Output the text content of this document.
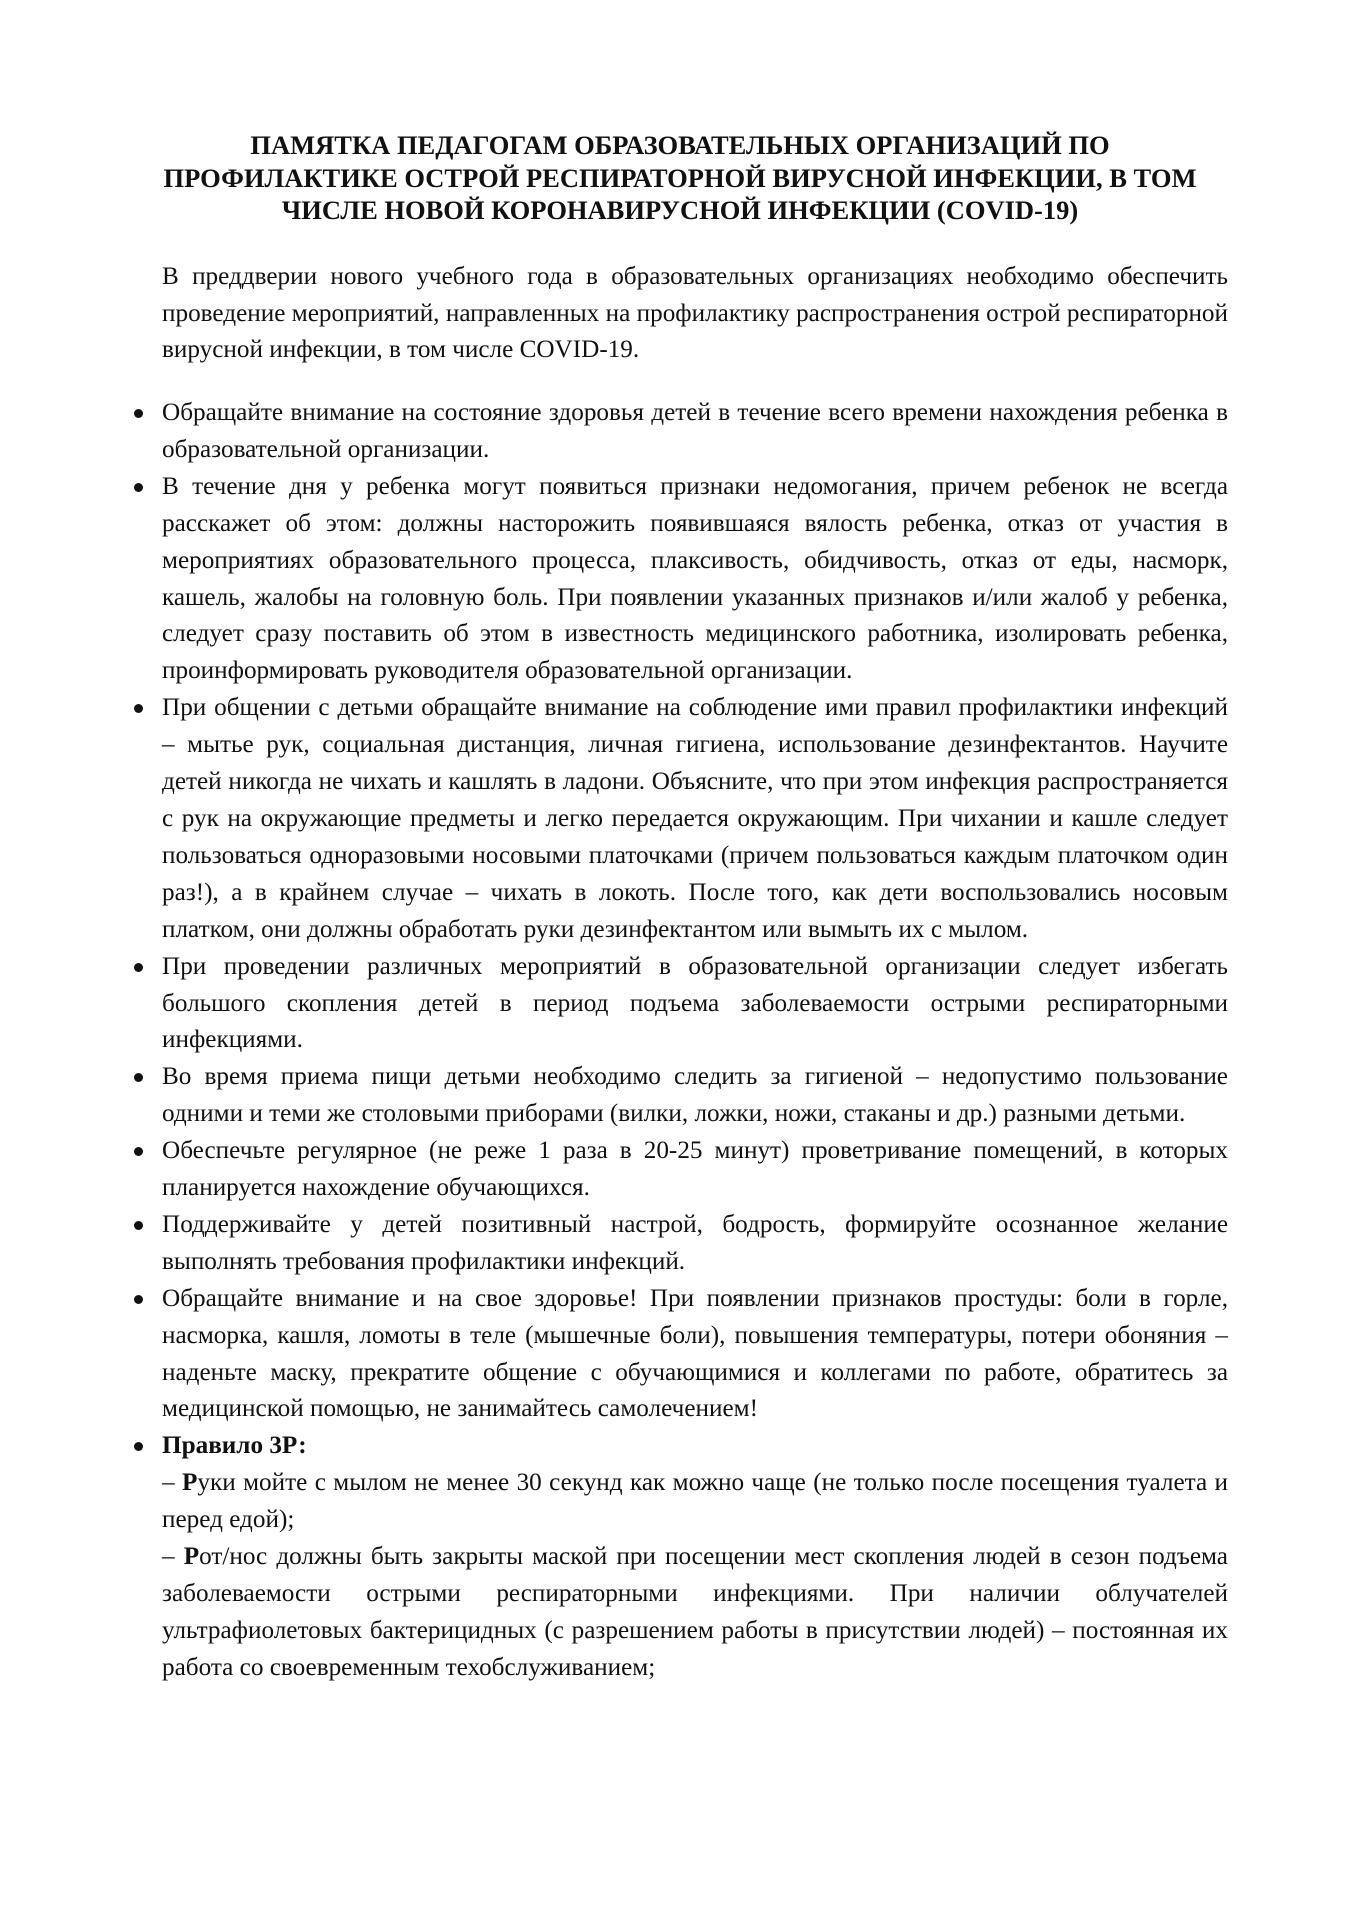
ПАМЯТКА ПЕДАГОГАМ ОБРАЗОВАТЕЛЬНЫХ ОРГАНИЗАЦИЙ ПО
ПРОФИЛАКТИКЕ ОСТРОЙ РЕСПИРАТОРНОЙ ВИРУСНОЙ ИНФЕКЦИИ, В ТОМ
ЧИСЛЕ НОВОЙ КОРОНАВИРУСНОЙ ИНФЕКЦИИ (COVID-19)

В преддверии нового учебного года в образовательных организациях необходимо обеспечить проведение мероприятий, направленных на профилактику распространения острой респираторной вирусной инфекции, в том числе COVID-19.

Обращайте внимание на состояние здоровья детей в течение всего времени нахождения ребенка в образовательной организации.
В течение дня у ребенка могут появиться признаки недомогания, причем ребенок не всегда расскажет об этом: должны насторожить появившаяся вялость ребенка, отказ от участия в мероприятиях образовательного процесса, плаксивость, обидчивость, отказ от еды, насморк, кашель, жалобы на головную боль. При появлении указанных признаков и/или жалоб у ребенка, следует сразу поставить об этом в известность медицинского работника, изолировать ребенка, проинформировать руководителя образовательной организации.
При общении с детьми обращайте внимание на соблюдение ими правил профилактики инфекций – мытье рук, социальная дистанция, личная гигиена, использование дезинфектантов. Научите детей никогда не чихать и кашлять в ладони. Объясните, что при этом инфекция распространяется с рук на окружающие предметы и легко передается окружающим. При чихании и кашле следует пользоваться одноразовыми носовыми платочками (причем пользоваться каждым платочком один раз!), а в крайнем случае – чихать в локоть. После того, как дети воспользовались носовым платком, они должны обработать руки дезинфектантом или вымыть их с мылом.
При проведении различных мероприятий в образовательной организации следует избегать большого скопления детей в период подъема заболеваемости острыми респираторными инфекциями.
Во время приема пищи детьми необходимо следить за гигиеной – недопустимо пользование одними и теми же столовыми приборами (вилки, ложки, ножи, стаканы и др.) разными детьми.
Обеспечьте регулярное (не реже 1 раза в 20-25 минут) проветривание помещений, в которых планируется нахождение обучающихся.
Поддерживайте у детей позитивный настрой, бодрость, формируйте осознанное желание выполнять требования профилактики инфекций.
Обращайте внимание и на свое здоровье! При появлении признаков простуды: боли в горле, насморка, кашля, ломоты в теле (мышечные боли), повышения температуры, потери обоняния – наденьте маску, прекратите общение с обучающимися и коллегами по работе, обратитесь за медицинской помощью, не занимайтесь самолечением!
Правило 3Р:
– Руки мойте с мылом не менее 30 секунд как можно чаще (не только после посещения туалета и перед едой);
– Рот/нос должны быть закрыты маской при посещении мест скопления людей в сезон подъема заболеваемости острыми респираторными инфекциями. При наличии облучателей ультрафиолетовых бактерицидных (с разрешением работы в присутствии людей) – постоянная их работа со своевременным техобслуживанием;
